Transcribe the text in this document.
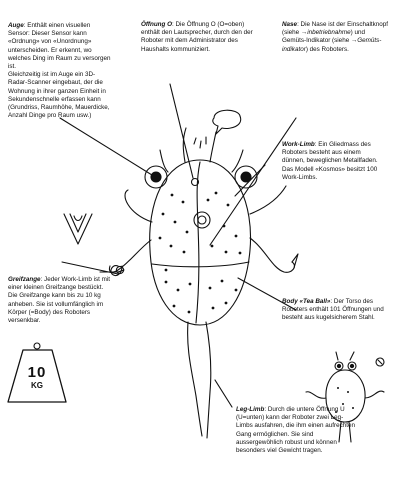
Auge: Enthält einen visuellen Sensor: Dieser Sensor kann «Ordnung» von «Unordnung» unterscheiden. Er erkennt, wo welches Ding im Raum zu versorgen ist.
Gleichzeitig ist im Auge ein 3D-Radar-Scanner eingebaut, der die Wohnung in ihrer ganzen Einheit in Sekundenschnelle erfassen kann (Grundriss, Raumhöhe, Mauerdicke, Anzahl Dinge pro Raum usw.)

Öffnung O: Die Öffnung O (O=oben) enthält den Lautsprecher, durch den der Roboter mit dem Administrator des Haushalts kommuniziert.

Nase: Die Nase ist der Einschaltknopf (siehe →inbetriebnahme) und Gemüts-Indikator (siehe →Gemüts-indikator) des Roboters.

Work-Limb: Ein Gliedmass des Roboters besteht aus einem dünnen, beweglichen Metallfaden. Das Modell «Kosmos» besitzt 100 Work-Limbs.

Greifzange: Jeder Work-Limb ist mit einer kleinen Greifzange bestückt. Die Greifzange kann bis zu 10 kg anheben. Sie ist vollumfänglich im Körper (=Body) des Roboters versenkbar.

Body «Tea Ball»: Der Torso des Roboters enthält 101 Öffnungen und besteht aus kugelsicherem Stahl.

Leg-Limb: Durch die untere Öffnung U (U=unten) kann der Roboter zwei Leg-Limbs ausfahren, die ihm einen aufrechten Gang ermöglichen. Sie sind aussergewöhlich robust und können besonders viel Gewicht tragen.

10
KG
